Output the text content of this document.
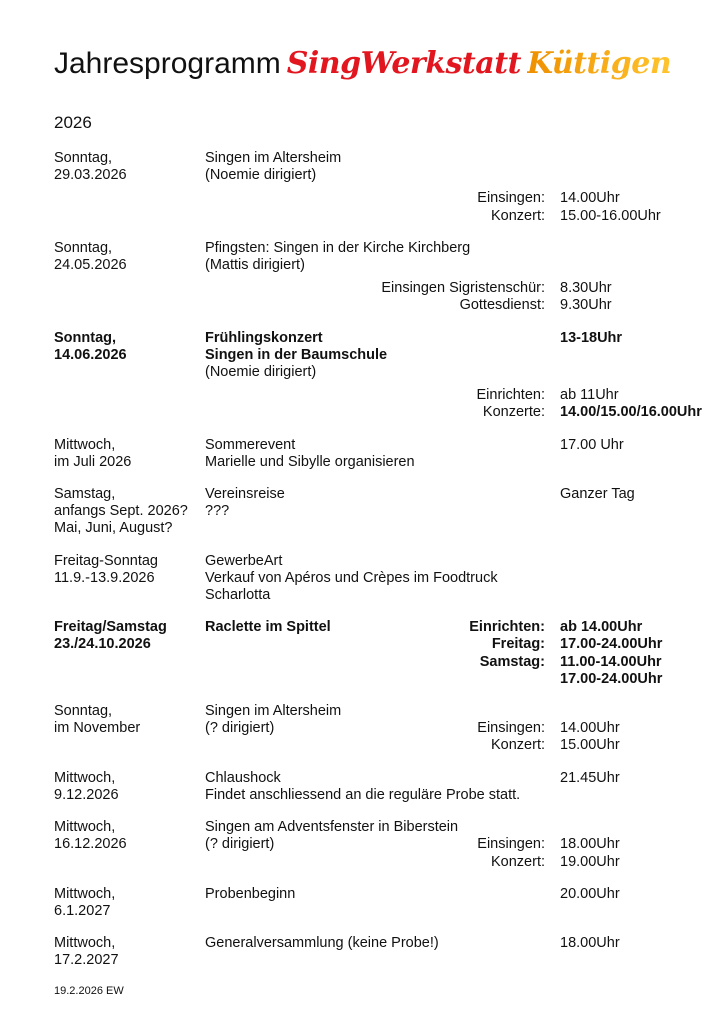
Jahresprogramm SingWerkstatt Küttigen
2026
Sonntag,	Singen im Altersheim
29.03.2026	(Noemie dirigiert)
Einsingen: 14.00Uhr
Konzert: 15.00-16.00Uhr
Sonntag,	Pfingsten: Singen in der Kirche Kirchberg
24.05.2026	(Mattis dirigiert)
Einsingen Sigristenschür: 8.30Uhr
Gottesdienst: 9.30Uhr
Sonntag,	Frühlingskonzert	13-18Uhr
14.06.2026	Singen in der Baumschule
(Noemie dirigiert)
Einrichten: ab 11Uhr
Konzerte: 14.00/15.00/16.00Uhr
Mittwoch,	Sommerevent	17.00 Uhr
im Juli 2026	Marielle und Sibylle organisieren
Samstag,	Vereinsreise	Ganzer Tag
anfangs Sept. 2026?	???
Mai, Juni, August?
Freitag-Sonntag	GewerbeArt
11.9.-13.9.2026	Verkauf von Apéros und Crèpes im Foodtruck
Scharlotta
Freitag/Samstag	Raclette im Spittel	Einrichten: ab 14.00Uhr
23./24.10.2026	Freitag: 17.00-24.00Uhr
Samstag: 11.00-14.00Uhr
17.00-24.00Uhr
Sonntag,	Singen im Altersheim
im November	(? dirigiert)	Einsingen: 14.00Uhr
Konzert: 15.00Uhr
Mittwoch,	Chlaushock	21.45Uhr
9.12.2026	Findet anschliessend an die reguläre Probe statt.
Mittwoch,	Singen am Adventsfenster in Biberstein
16.12.2026	(? dirigiert)	Einsingen: 18.00Uhr
Konzert: 19.00Uhr
Mittwoch,	Probenbeginn	20.00Uhr
6.1.2027
Mittwoch,	Generalversammlung (keine Probe!)	18.00Uhr
17.2.2027
19.2.2026 EW
